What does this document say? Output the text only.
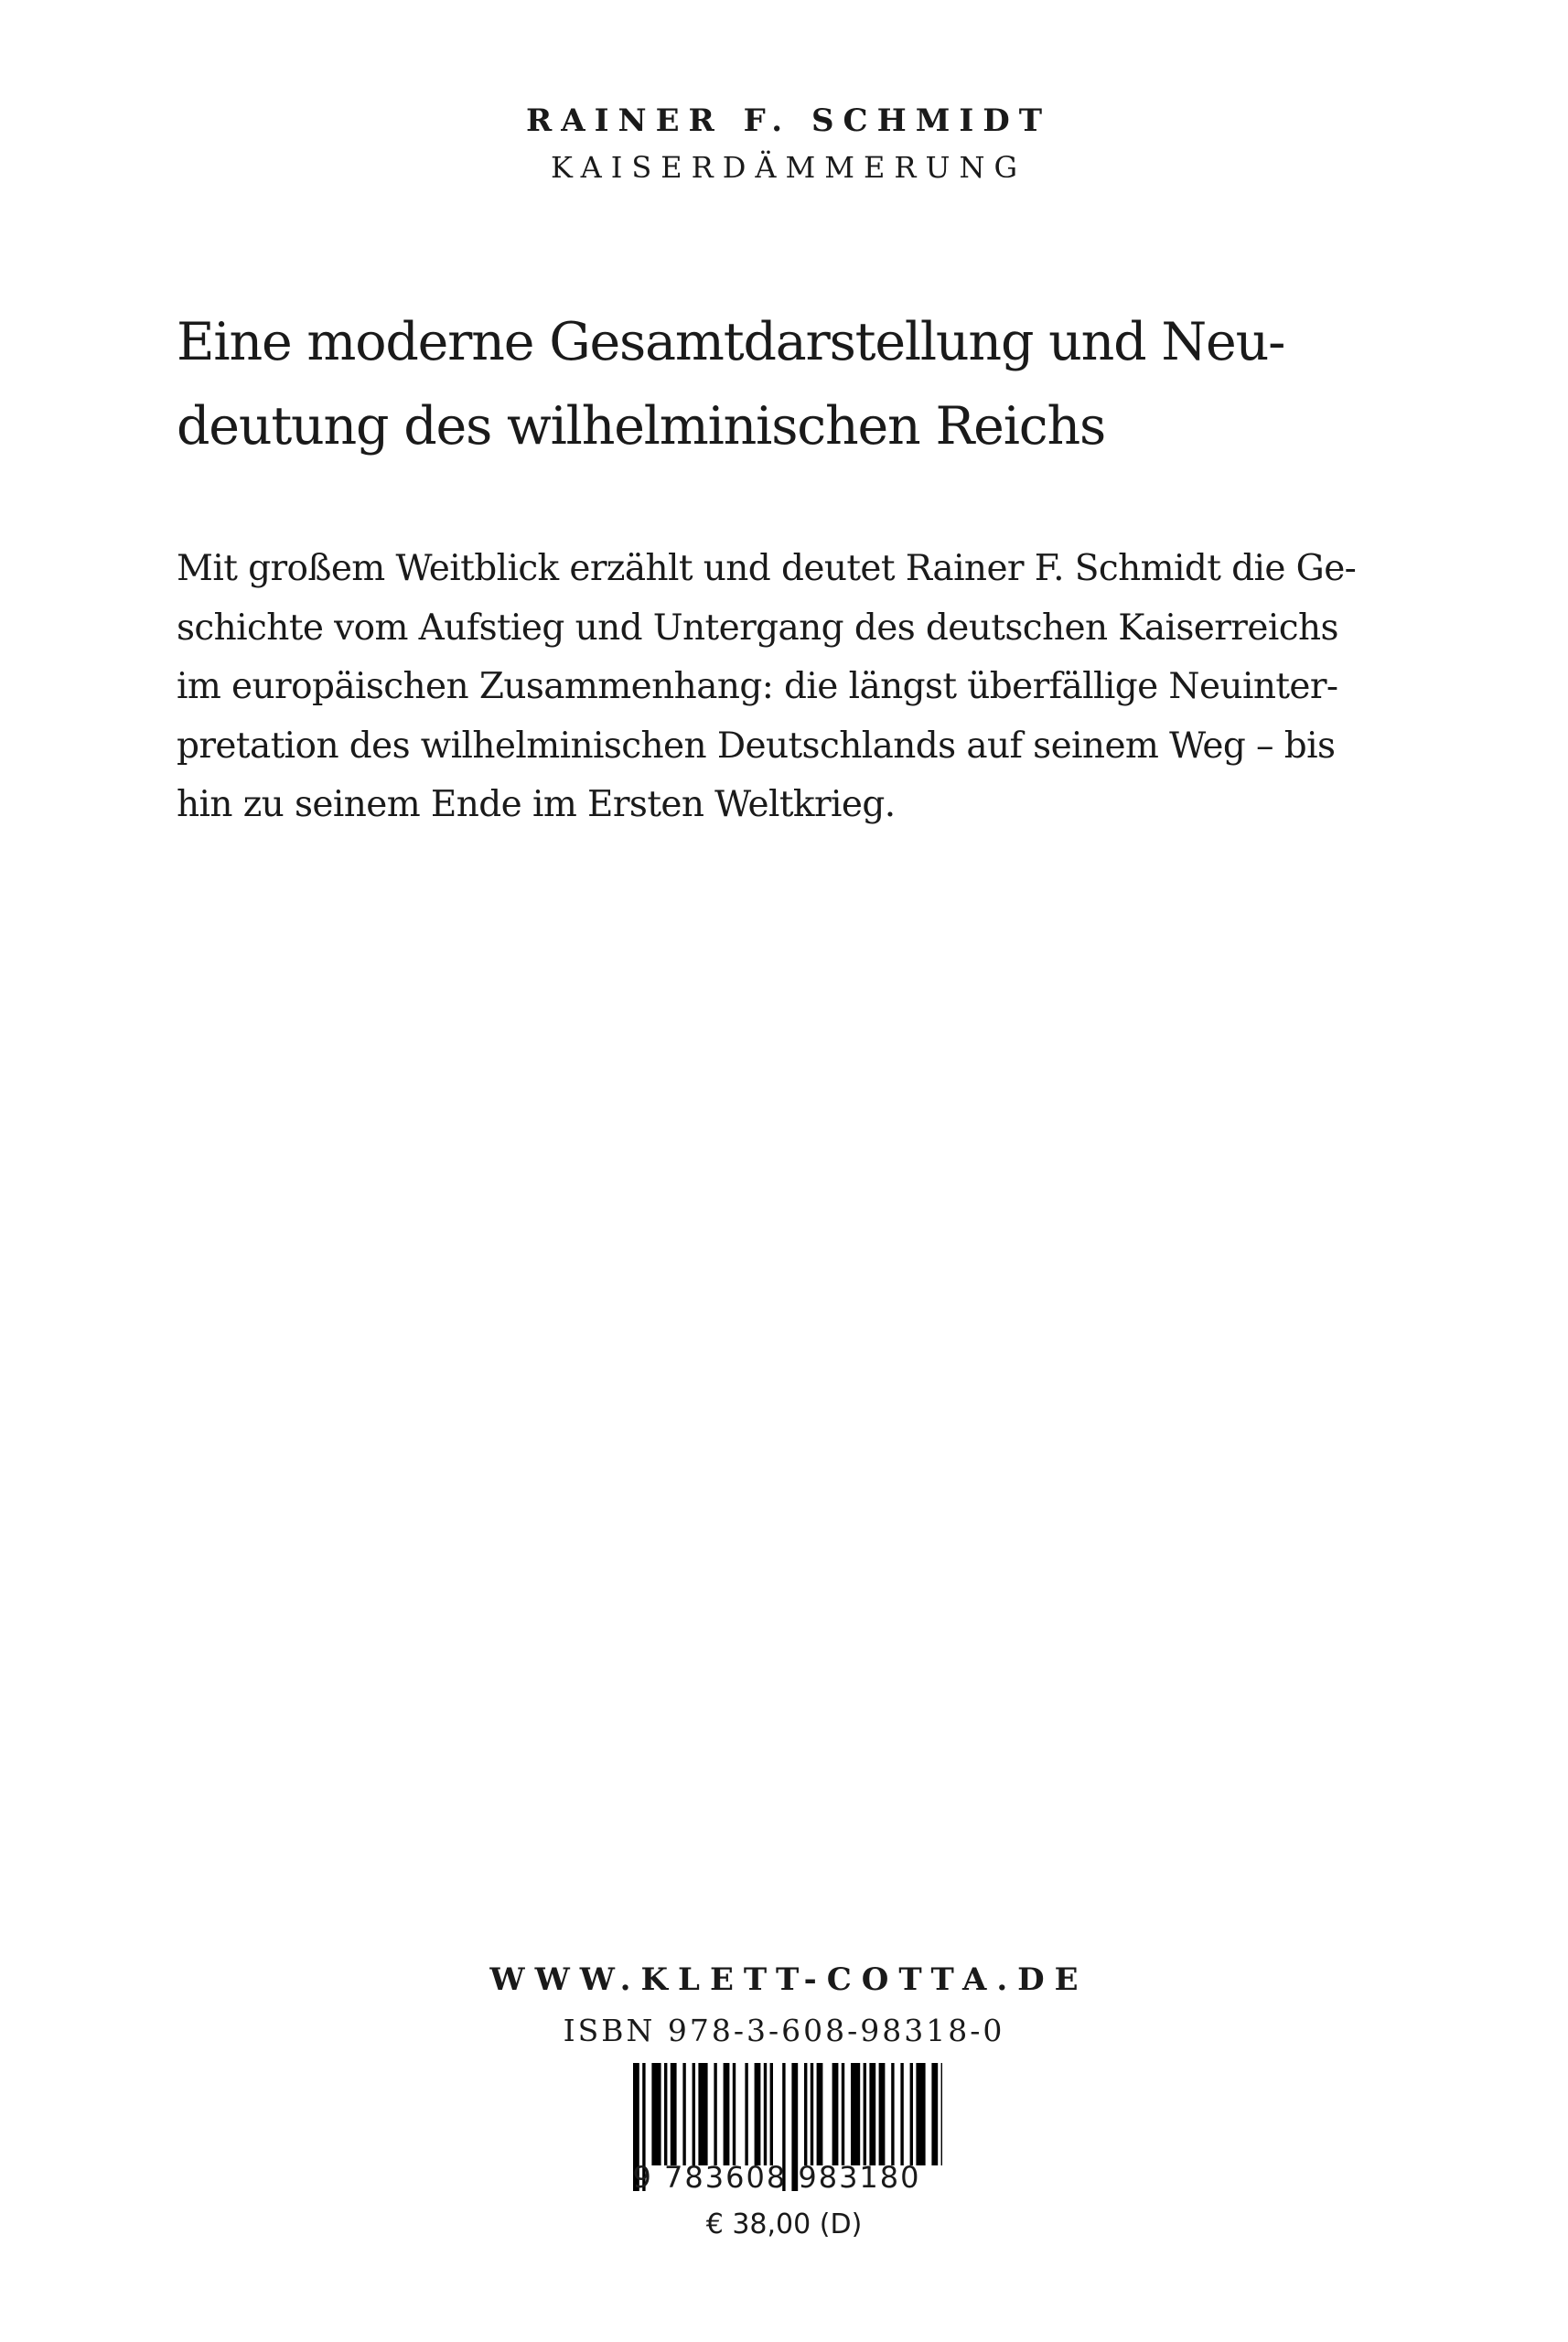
RAINER F. SCHMIDT
KAISERDÄMMERUNG
Eine moderne Gesamtdarstellung und Neu-
deutung des wilhelminischen Reichs
Mit großem Weitblick erzählt und deutet Rainer F. Schmidt die Ge-
schichte vom Aufstieg und Untergang des deutschen Kaiserreichs
im europäischen Zusammenhang: die längst überfällige Neuinter-
pretation des wilhelminischen Deutschlands auf seinem Weg – bis
hin zu seinem Ende im Ersten Weltkrieg.
WWW.KLETT-COTTA.DE
ISBN 978-3-608-98318-0
9 783608 983180
€ 38,00 (D)
